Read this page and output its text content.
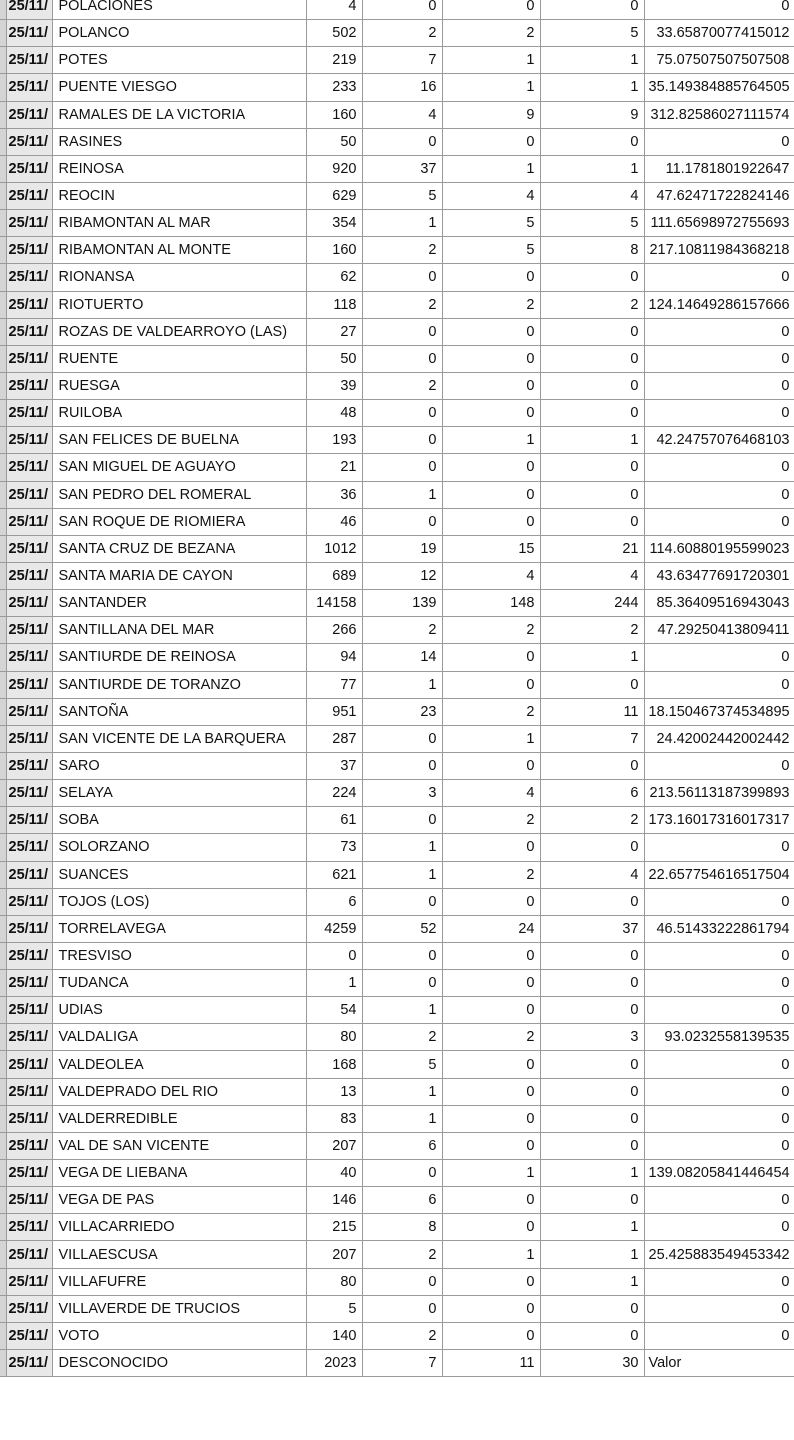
	25/11/	POLACIONES	4	0	0	0	0
	25/11/	POLANCO	502	2	2	5	33.65870077415012
	25/11/	POTES	219	7	1	1	75.07507507507508
	25/11/	PUENTE VIESGO	233	16	1	1	35.149384885764505
	25/11/	RAMALES DE LA VICTORIA	160	4	9	9	312.82586027111574
	25/11/	RASINES	50	0	0	0	0
	25/11/	REINOSA	920	37	1	1	11.1781801922647
	25/11/	REOCIN	629	5	4	4	47.62471722824146
	25/11/	RIBAMONTAN AL MAR	354	1	5	5	111.65698972755693
	25/11/	RIBAMONTAN AL MONTE	160	2	5	8	217.10811984368218
	25/11/	RIONANSA	62	0	0	0	0
	25/11/	RIOTUERTO	118	2	2	2	124.14649286157666
	25/11/	ROZAS DE VALDEARROYO (LAS)	27	0	0	0	0
	25/11/	RUENTE	50	0	0	0	0
	25/11/	RUESGA	39	2	0	0	0
	25/11/	RUILOBA	48	0	0	0	0
	25/11/	SAN FELICES DE BUELNA	193	0	1	1	42.24757076468103
	25/11/	SAN MIGUEL DE AGUAYO	21	0	0	0	0
	25/11/	SAN PEDRO DEL ROMERAL	36	1	0	0	0
	25/11/	SAN ROQUE DE RIOMIERA	46	0	0	0	0
	25/11/	SANTA CRUZ DE BEZANA	1012	19	15	21	114.60880195599023
	25/11/	SANTA MARIA DE CAYON	689	12	4	4	43.63477691720301
	25/11/	SANTANDER	14158	139	148	244	85.36409516943043
	25/11/	SANTILLANA DEL MAR	266	2	2	2	47.29250413809411
	25/11/	SANTIURDE DE REINOSA	94	14	0	1	0
	25/11/	SANTIURDE DE TORANZO	77	1	0	0	0
	25/11/	SANTOÑA	951	23	2	11	18.150467374534895
	25/11/	SAN VICENTE DE LA BARQUERA	287	0	1	7	24.42002442002442
	25/11/	SARO	37	0	0	0	0
	25/11/	SELAYA	224	3	4	6	213.56113187399893
	25/11/	SOBA	61	0	2	2	173.16017316017317
	25/11/	SOLORZANO	73	1	0	0	0
	25/11/	SUANCES	621	1	2	4	22.657754616517504
	25/11/	TOJOS (LOS)	6	0	0	0	0
	25/11/	TORRELAVEGA	4259	52	24	37	46.51433222861794
	25/11/	TRESVISO	0	0	0	0	0
	25/11/	TUDANCA	1	0	0	0	0
	25/11/	UDIAS	54	1	0	0	0
	25/11/	VALDALIGA	80	2	2	3	93.0232558139535
	25/11/	VALDEOLEA	168	5	0	0	0
	25/11/	VALDEPRADO DEL RIO	13	1	0	0	0
	25/11/	VALDERREDIBLE	83	1	0	0	0
	25/11/	VAL DE SAN VICENTE	207	6	0	0	0
	25/11/	VEGA DE LIEBANA	40	0	1	1	139.08205841446454
	25/11/	VEGA DE PAS	146	6	0	0	0
	25/11/	VILLACARRIEDO	215	8	0	1	0
	25/11/	VILLAESCUSA	207	2	1	1	25.425883549453342
	25/11/	VILLAFUFRE	80	0	0	1	0
	25/11/	VILLAVERDE DE TRUCIOS	5	0	0	0	0
	25/11/	VOTO	140	2	0	0	0
	25/11/	DESCONOCIDO	2023	7	11	30	Valor
